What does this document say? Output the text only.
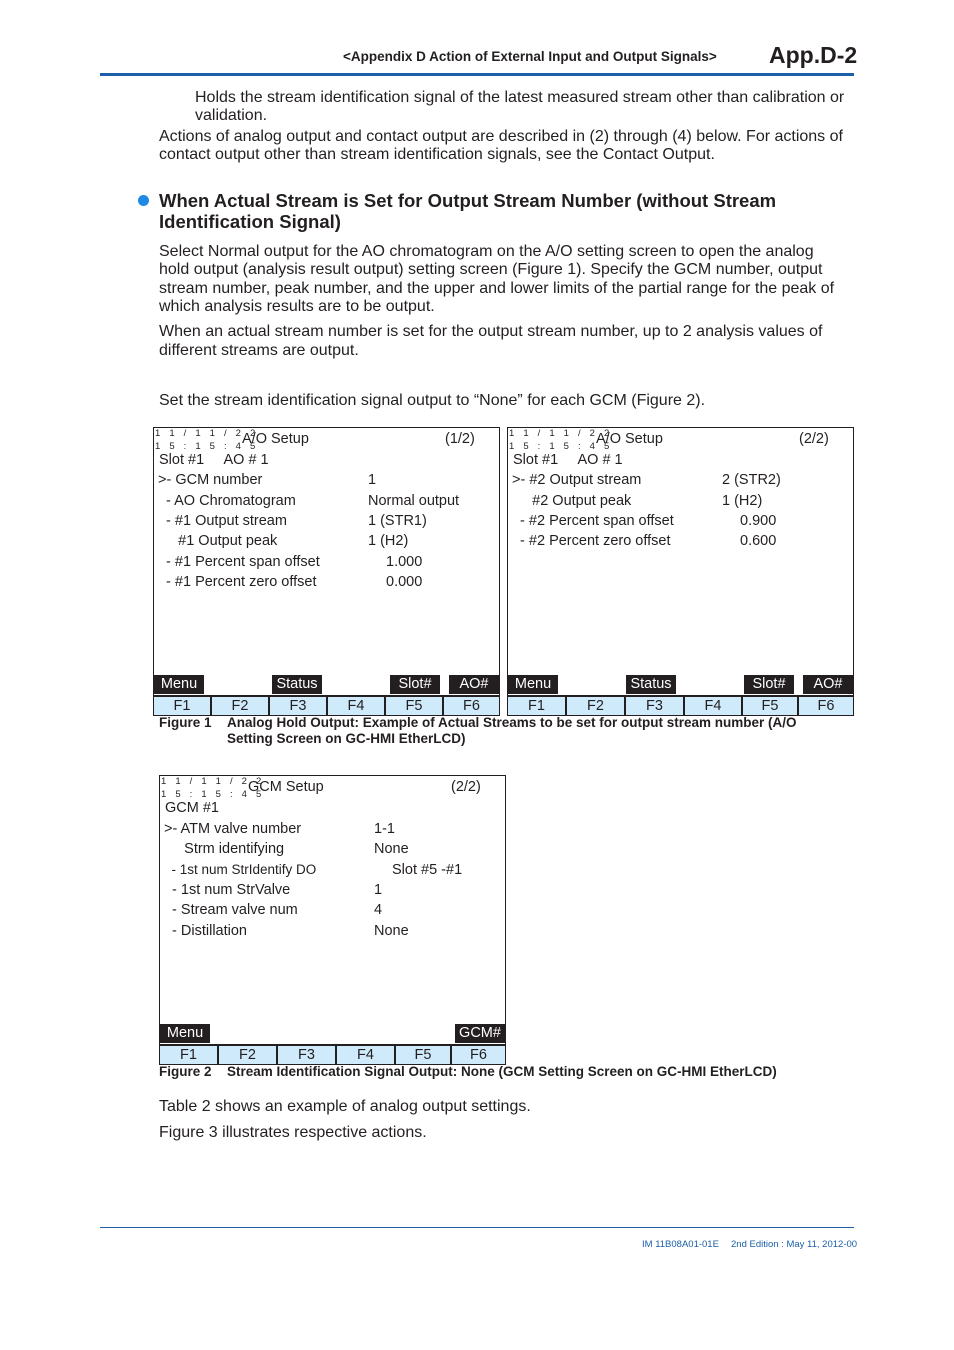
<Appendix D Action of External Input and Output Signals> App.D-2
Holds the stream identification signal of the latest measured stream other than calibration or
validation.
Actions of analog output and contact output are described in (2) through (4) below. For actions of
contact output other than stream identification signals, see the Contact Output.
When Actual Stream is Set for Output Stream Number (without Stream
Identification Signal)
Select Normal output for the AO chromatogram on the A/O setting screen to open the analog
hold output (analysis result output) setting screen (Figure 1). Specify the GCM number, output
stream number, peak number, and the upper and lower limits of the partial range for the peak of
which analysis results are to be output.
When an actual stream number is set for the output stream number, up to 2 analysis values of
different streams are output.
Set the stream identification signal output to “None” for each GCM (Figure 2).
1 1 / 1 1 / 2 2
1 5 : 1 5 : 4 5
A/O Setup	(1/2)
Slot #1     AO # 1
>- GCM number	1
- AO Chromatogram	Normal output
- #1 Output stream	1 (STR1)
#1 Output peak	1 (H2)
- #1 Percent span offset	1.000
- #1 Percent zero offset	0.000
Menu	Status	Slot#	AO#
F1	F2	F3	F4	F5	F6
1 1 / 1 1 / 2 2
1 5 : 1 5 : 4 5
A/O Setup	(2/2)
Slot #1     AO # 1
>- #2 Output stream	2 (STR2)
#2 Output peak	1 (H2)
- #2 Percent span offset	0.900
- #2 Percent zero offset	0.600
Menu	Status	Slot#	AO#
F1	F2	F3	F4	F5	F6
Figure 1 Analog Hold Output: Example of Actual Streams to be set for output stream number (A/O
Setting Screen on GC-HMI EtherLCD)
1 1 / 1 1 / 2 2
1 5 : 1 5 : 4 5
GCM Setup	(2/2)
GCM #1
>- ATM valve number	1-1
Strm identifying	None
- 1st num StrIdentify DO	Slot #5 -#1
- 1st num StrValve	1
- Stream valve num	4
- Distillation	None
Menu	GCM#
F1	F2	F3	F4	F5	F6
Figure 2 Stream Identification Signal Output: None (GCM Setting Screen on GC-HMI EtherLCD)
Table 2 shows an example of analog output settings.
Figure 3 illustrates respective actions.
IM 11B08A01-01E 2nd Edition : May 11, 2012-00
